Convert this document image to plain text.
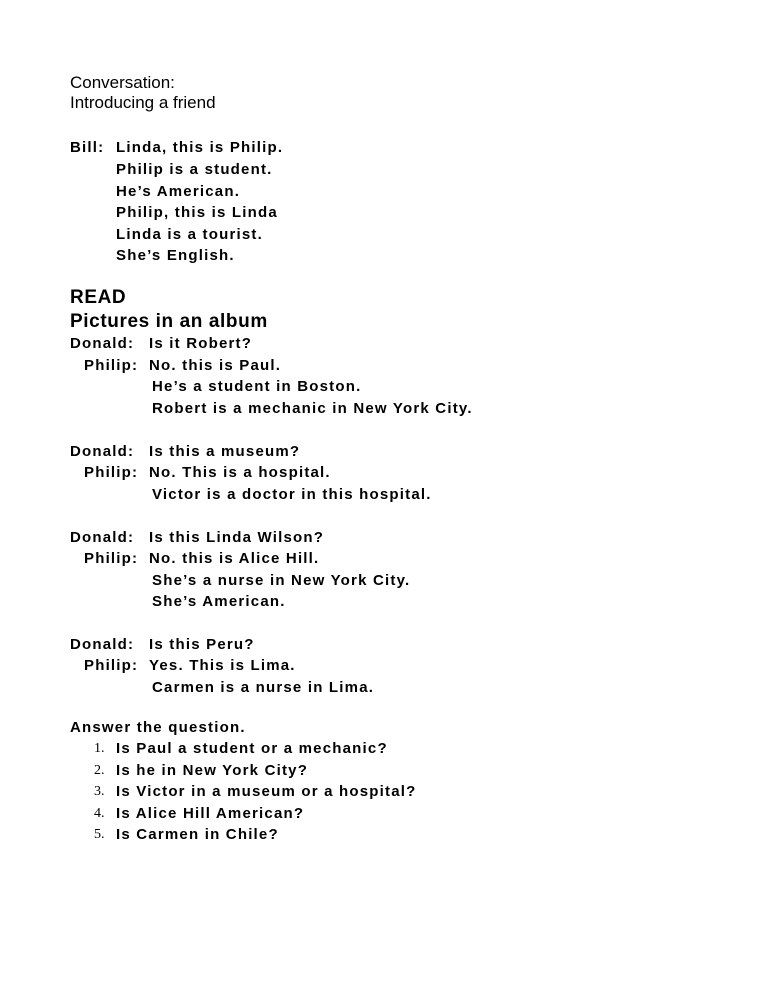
Conversation:
Introducing a friend
Bill: Linda, this is Philip.
Philip is a student.
He’s American.
Philip, this is Linda
Linda is a tourist.
She’s English.
READ
Pictures in an album
Donald: Is it Robert?
Philip: No. this is Paul.
He’s a student in Boston.
Robert is a mechanic in New York City.
Donald: Is this a museum?
Philip: No. This is a hospital.
Victor is a doctor in this hospital.
Donald: Is this Linda Wilson?
Philip: No. this is Alice Hill.
She’s a nurse in New York City.
She’s American.
Donald: Is this Peru?
Philip: Yes. This is Lima.
Carmen is a nurse in Lima.
Answer the question.
1. Is Paul a student or a mechanic?
2. Is he in New York City?
3. Is Victor in a museum or a hospital?
4. Is Alice Hill American?
5. Is Carmen in Chile?
